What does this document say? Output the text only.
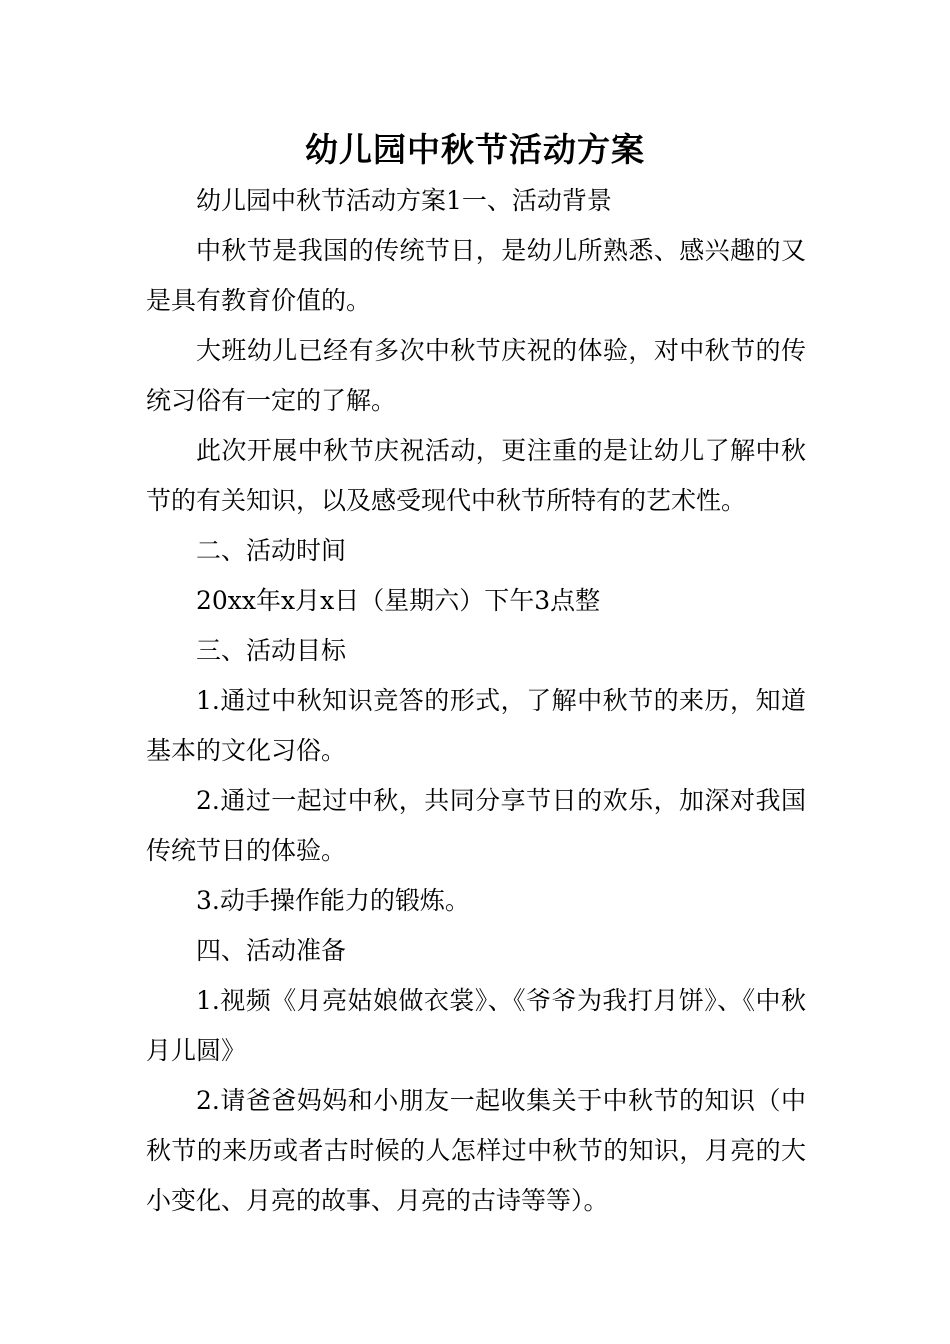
幼儿园中秋节活动方案

幼儿园中秋节活动方案1一、活动背景

中秋节是我国的传统节日，是幼儿所熟悉、感兴趣的又是具有教育价值的。

大班幼儿已经有多次中秋节庆祝的体验，对中秋节的传统习俗有一定的了解。

此次开展中秋节庆祝活动，更注重的是让幼儿了解中秋节的有关知识，以及感受现代中秋节所特有的艺术性。

二、活动时间

20xx年x月x日（星期六）下午3点整

三、活动目标

1.通过中秋知识竞答的形式，了解中秋节的来历，知道基本的文化习俗。

2.通过一起过中秋，共同分享节日的欢乐，加深对我国传统节日的体验。

3.动手操作能力的锻炼。

四、活动准备

1.视频《月亮姑娘做衣裳》、《爷爷为我打月饼》、《中秋月儿圆》

2.请爸爸妈妈和小朋友一起收集关于中秋节的知识（中秋节的来历或者古时候的人怎样过中秋节的知识，月亮的大小变化、月亮的故事、月亮的古诗等等）。
